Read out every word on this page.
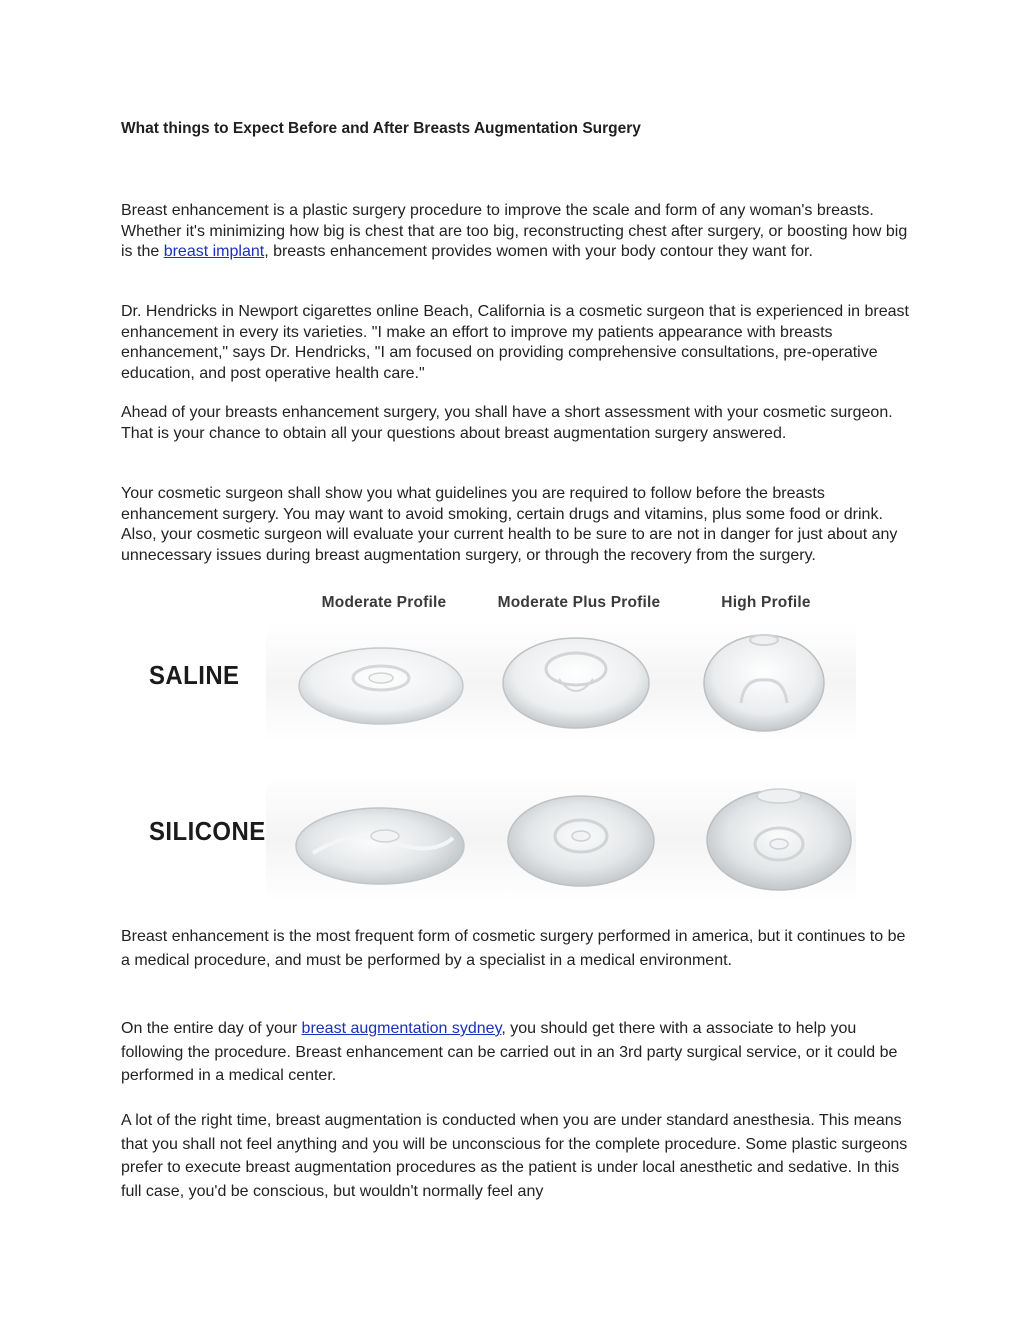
What things to Expect Before and After Breasts Augmentation Surgery

Breast enhancement is a plastic surgery procedure to improve the scale and form of any woman's breasts. Whether it's minimizing how big is chest that are too big, reconstructing chest after surgery, or boosting how big is the breast implant, breasts enhancement provides women with your body contour they want for.

Dr. Hendricks in Newport cigarettes online Beach, California is a cosmetic surgeon that is experienced in breast enhancement in every its varieties. "I make an effort to improve my patients appearance with breasts enhancement," says Dr. Hendricks, "I am focused on providing comprehensive consultations, pre-operative education, and post operative health care."

Ahead of your breasts enhancement surgery, you shall have a short assessment with your cosmetic surgeon. That is your chance to obtain all your questions about breast augmentation surgery answered.

Your cosmetic surgeon shall show you what guidelines you are required to follow before the breasts enhancement surgery. You may want to avoid smoking, certain drugs and vitamins, plus some food or drink. Also, your cosmetic surgeon will evaluate your current health to be sure to are not in danger for just about any unnecessary issues during breast augmentation surgery, or through the recovery from the surgery.

Moderate Profile	Moderate Plus Profile	High Profile
SALINE
SILICONE

Breast enhancement is the most frequent form of cosmetic surgery performed in america, but it continues to be a medical procedure, and must be performed by a specialist in a medical environment.

On the entire day of your breast augmentation sydney, you should get there with a associate to help you following the procedure. Breast enhancement can be carried out in an 3rd party surgical service, or it could be performed in a medical center.

A lot of the right time, breast augmentation is conducted when you are under standard anesthesia. This means that you shall not feel anything and you will be unconscious for the complete procedure. Some plastic surgeons prefer to execute breast augmentation procedures as the patient is under local anesthetic and sedative. In this full case, you'd be conscious, but wouldn't normally feel any
